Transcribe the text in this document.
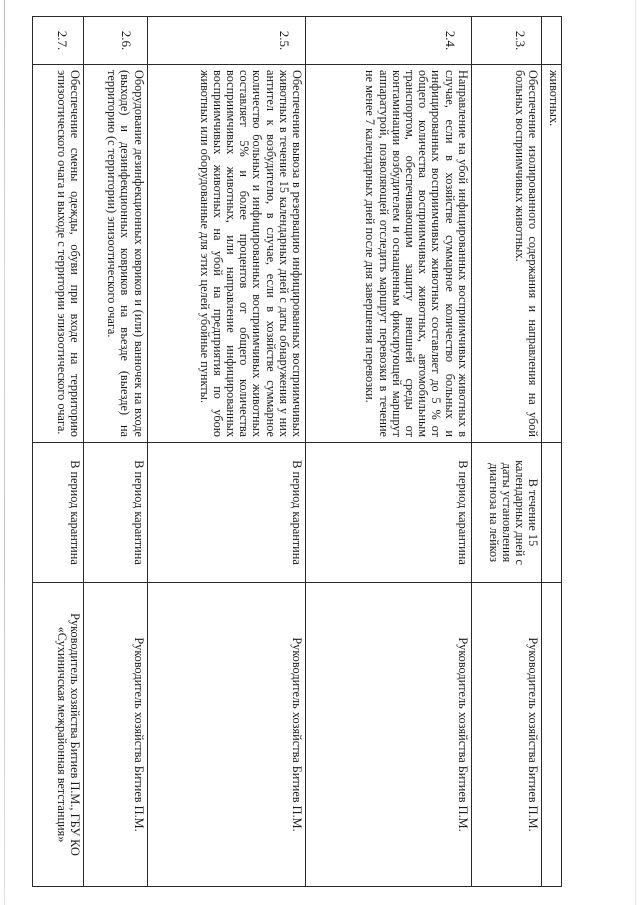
	животных.		
2.3.	Обеспечение изолированного содержания и направления на убой больных восприимчивых животных.	В течение 15 календарных дней с даты установления диагноза на лейкоз	Руководитель хозяйства Битиев П.М.
2.4.	Направление на убой инфицированных восприимчивых животных в случае, если в хозяйстве суммарное количество больных и инфицированных восприимчивых животных составляет до 5 % от общего количества восприимчивых животных, автомобильным транспортом, обеспечивающим защиту внешней среды от контаминации возбудителем и оснащенным фиксирующей маршрут аппаратурой, позволяющей отследить маршрут перевозки в течение не менее 7 календарных дней после дня завершения перевозки.	В период карантина	Руководитель хозяйства Битиев П.М.
2.5.	Обеспечение вывоза в резервацию инфицированных восприимчивых животных в течение 15 календарных дней с даты обнаружения у них антител к возбудителю, в случае, если в хозяйстве суммарное количество больных и инфицированных восприимчивых животных составляет 5% и более процентов от общего количества восприимчивых животных, или направление инфицированных восприимчивых животных на убой на предприятия по убою животных или оборудованные для этих целей убойные пункты.	В период карантина	Руководитель хозяйства Битиев П.М.
2.6.	Оборудование дезинфекционных ковриков и (или) ванночек на входе (выходе) и дезинфекционных ковриков на въезде (выезде) на территорию (с территории) эпизоотического очага.	В период карантина	Руководитель хозяйства Битиев П.М.
2.7.	Обеспечение смены одежды, обуви при входе на территорию эпизоотического очага и выходе с территории эпизоотического очага.	В период карантина	Руководитель хозяйства Битиев П.М., ГБУ КО «Сухиничская межрайонная ветстанция»
